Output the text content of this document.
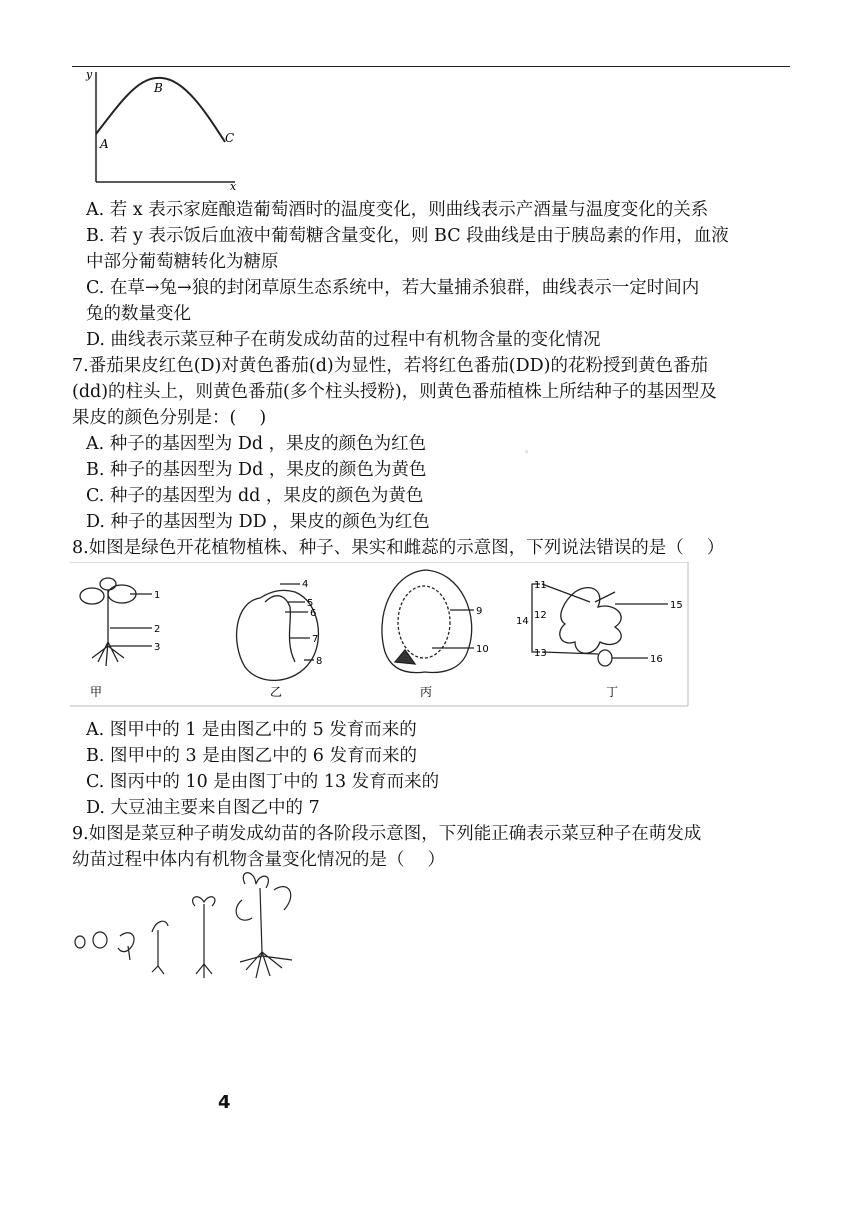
y
x
A
B
C
A. 若 x 表示家庭酿造葡萄酒时的温度变化，则曲线表示产酒量与温度变化的关系
B. 若 y 表示饭后血液中葡萄糖含量变化，则 BC 段曲线是由于胰岛素的作用，血液
中部分葡萄糖转化为糖原
C. 在草→兔→狼的封闭草原生态系统中，若大量捕杀狼群，曲线表示一定时间内
兔的数量变化
D. 曲线表示菜豆种子在萌发成幼苗的过程中有机物含量的变化情况
7.番茄果皮红色(D)对黄色番茄(d)为显性，若将红色番茄(DD)的花粉授到黄色番茄
(dd)的柱头上，则黄色番茄(多个柱头授粉)，则黄色番茄植株上所结种子的基因型及
果皮的颜色分别是：(　 )
A. 种子的基因型为 Dd ，果皮的颜色为红色	。
B. 种子的基因型为 Dd ，果皮的颜色为黄色
C. 种子的基因型为 dd ，果皮的颜色为黄色
D. 种子的基因型为 DD ，果皮的颜色为红色
8.如图是绿色开花植物植株、种子、果实和雌蕊的示意图，下列说法错误的是（　 ）
1
2
3
甲
4
5
6
7
8
乙
9
10
丙
11
12
13
14
15
16
丁
A. 图甲中的 1 是由图乙中的 5 发育而来的
B. 图甲中的 3 是由图乙中的 6 发育而来的
C. 图丙中的 10 是由图丁中的 13 发育而来的
D. 大豆油主要来自图乙中的 7
9.如图是菜豆种子萌发成幼苗的各阶段示意图，下列能正确表示菜豆种子在萌发成
幼苗过程中体内有机物含量变化情况的是（　 ）
4
